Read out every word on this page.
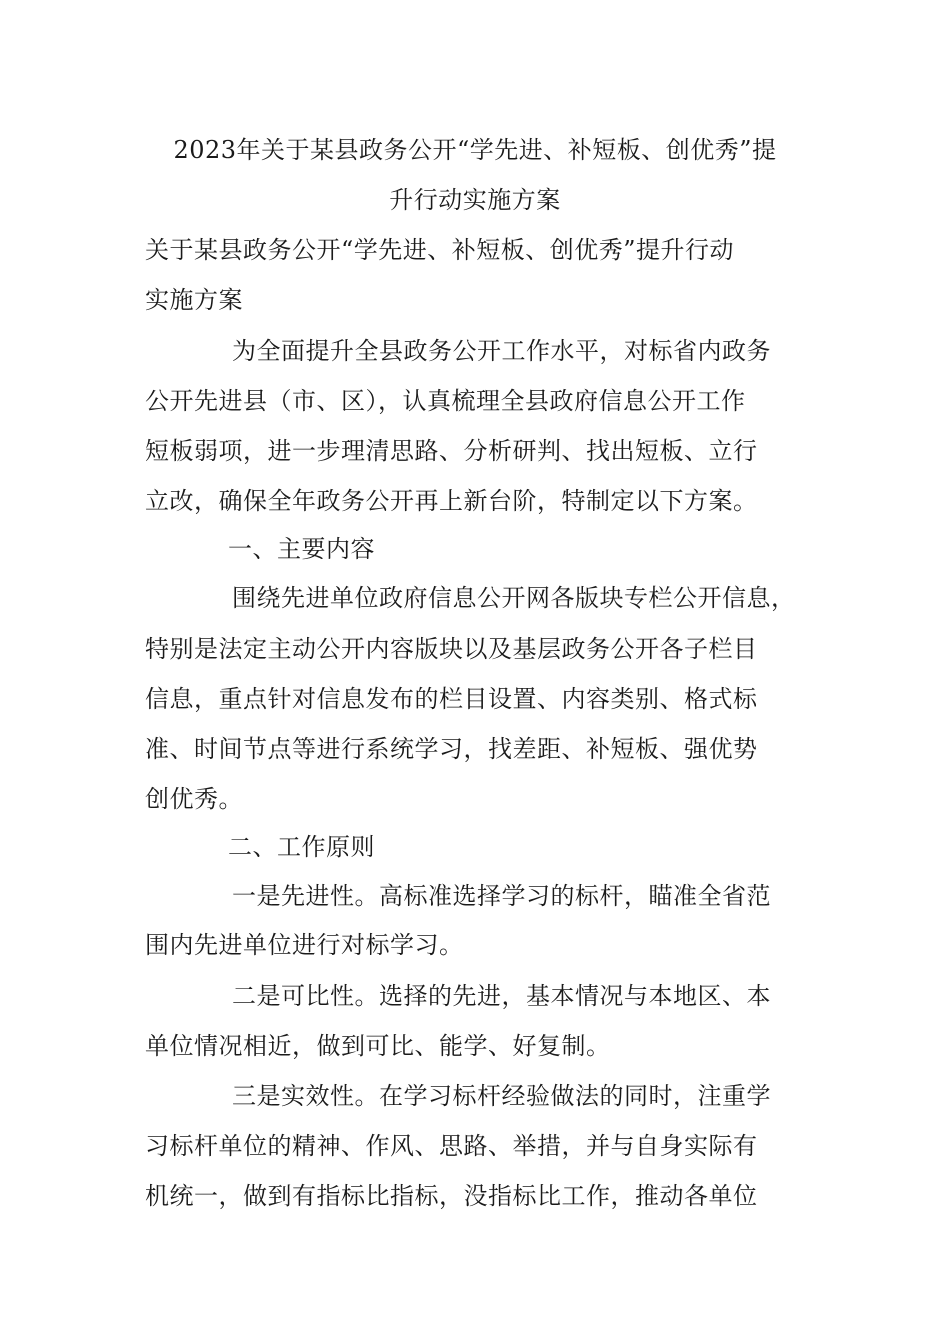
2023年关于某县政务公开“学先进、补短板、创优秀”提
升行动实施方案
关于某县政务公开“学先进、补短板、创优秀”提升行动
实施方案
为全面提升全县政务公开工作水平，对标省内政务
公开先进县（市、区），认真梳理全县政府信息公开工作
短板弱项，进一步理清思路、分析研判、找出短板、立行
立改，确保全年政务公开再上新台阶，特制定以下方案。
一、主要内容
围绕先进单位政府信息公开网各版块专栏公开信息，
特别是法定主动公开内容版块以及基层政务公开各子栏目
信息，重点针对信息发布的栏目设置、内容类别、格式标
准、时间节点等进行系统学习，找差距、补短板、强优势
创优秀。
二、工作原则
一是先进性。高标准选择学习的标杆，瞄准全省范
围内先进单位进行对标学习。
二是可比性。选择的先进，基本情况与本地区、本
单位情况相近，做到可比、能学、好复制。
三是实效性。在学习标杆经验做法的同时，注重学
习标杆单位的精神、作风、思路、举措，并与自身实际有
机统一，做到有指标比指标，没指标比工作，推动各单位
